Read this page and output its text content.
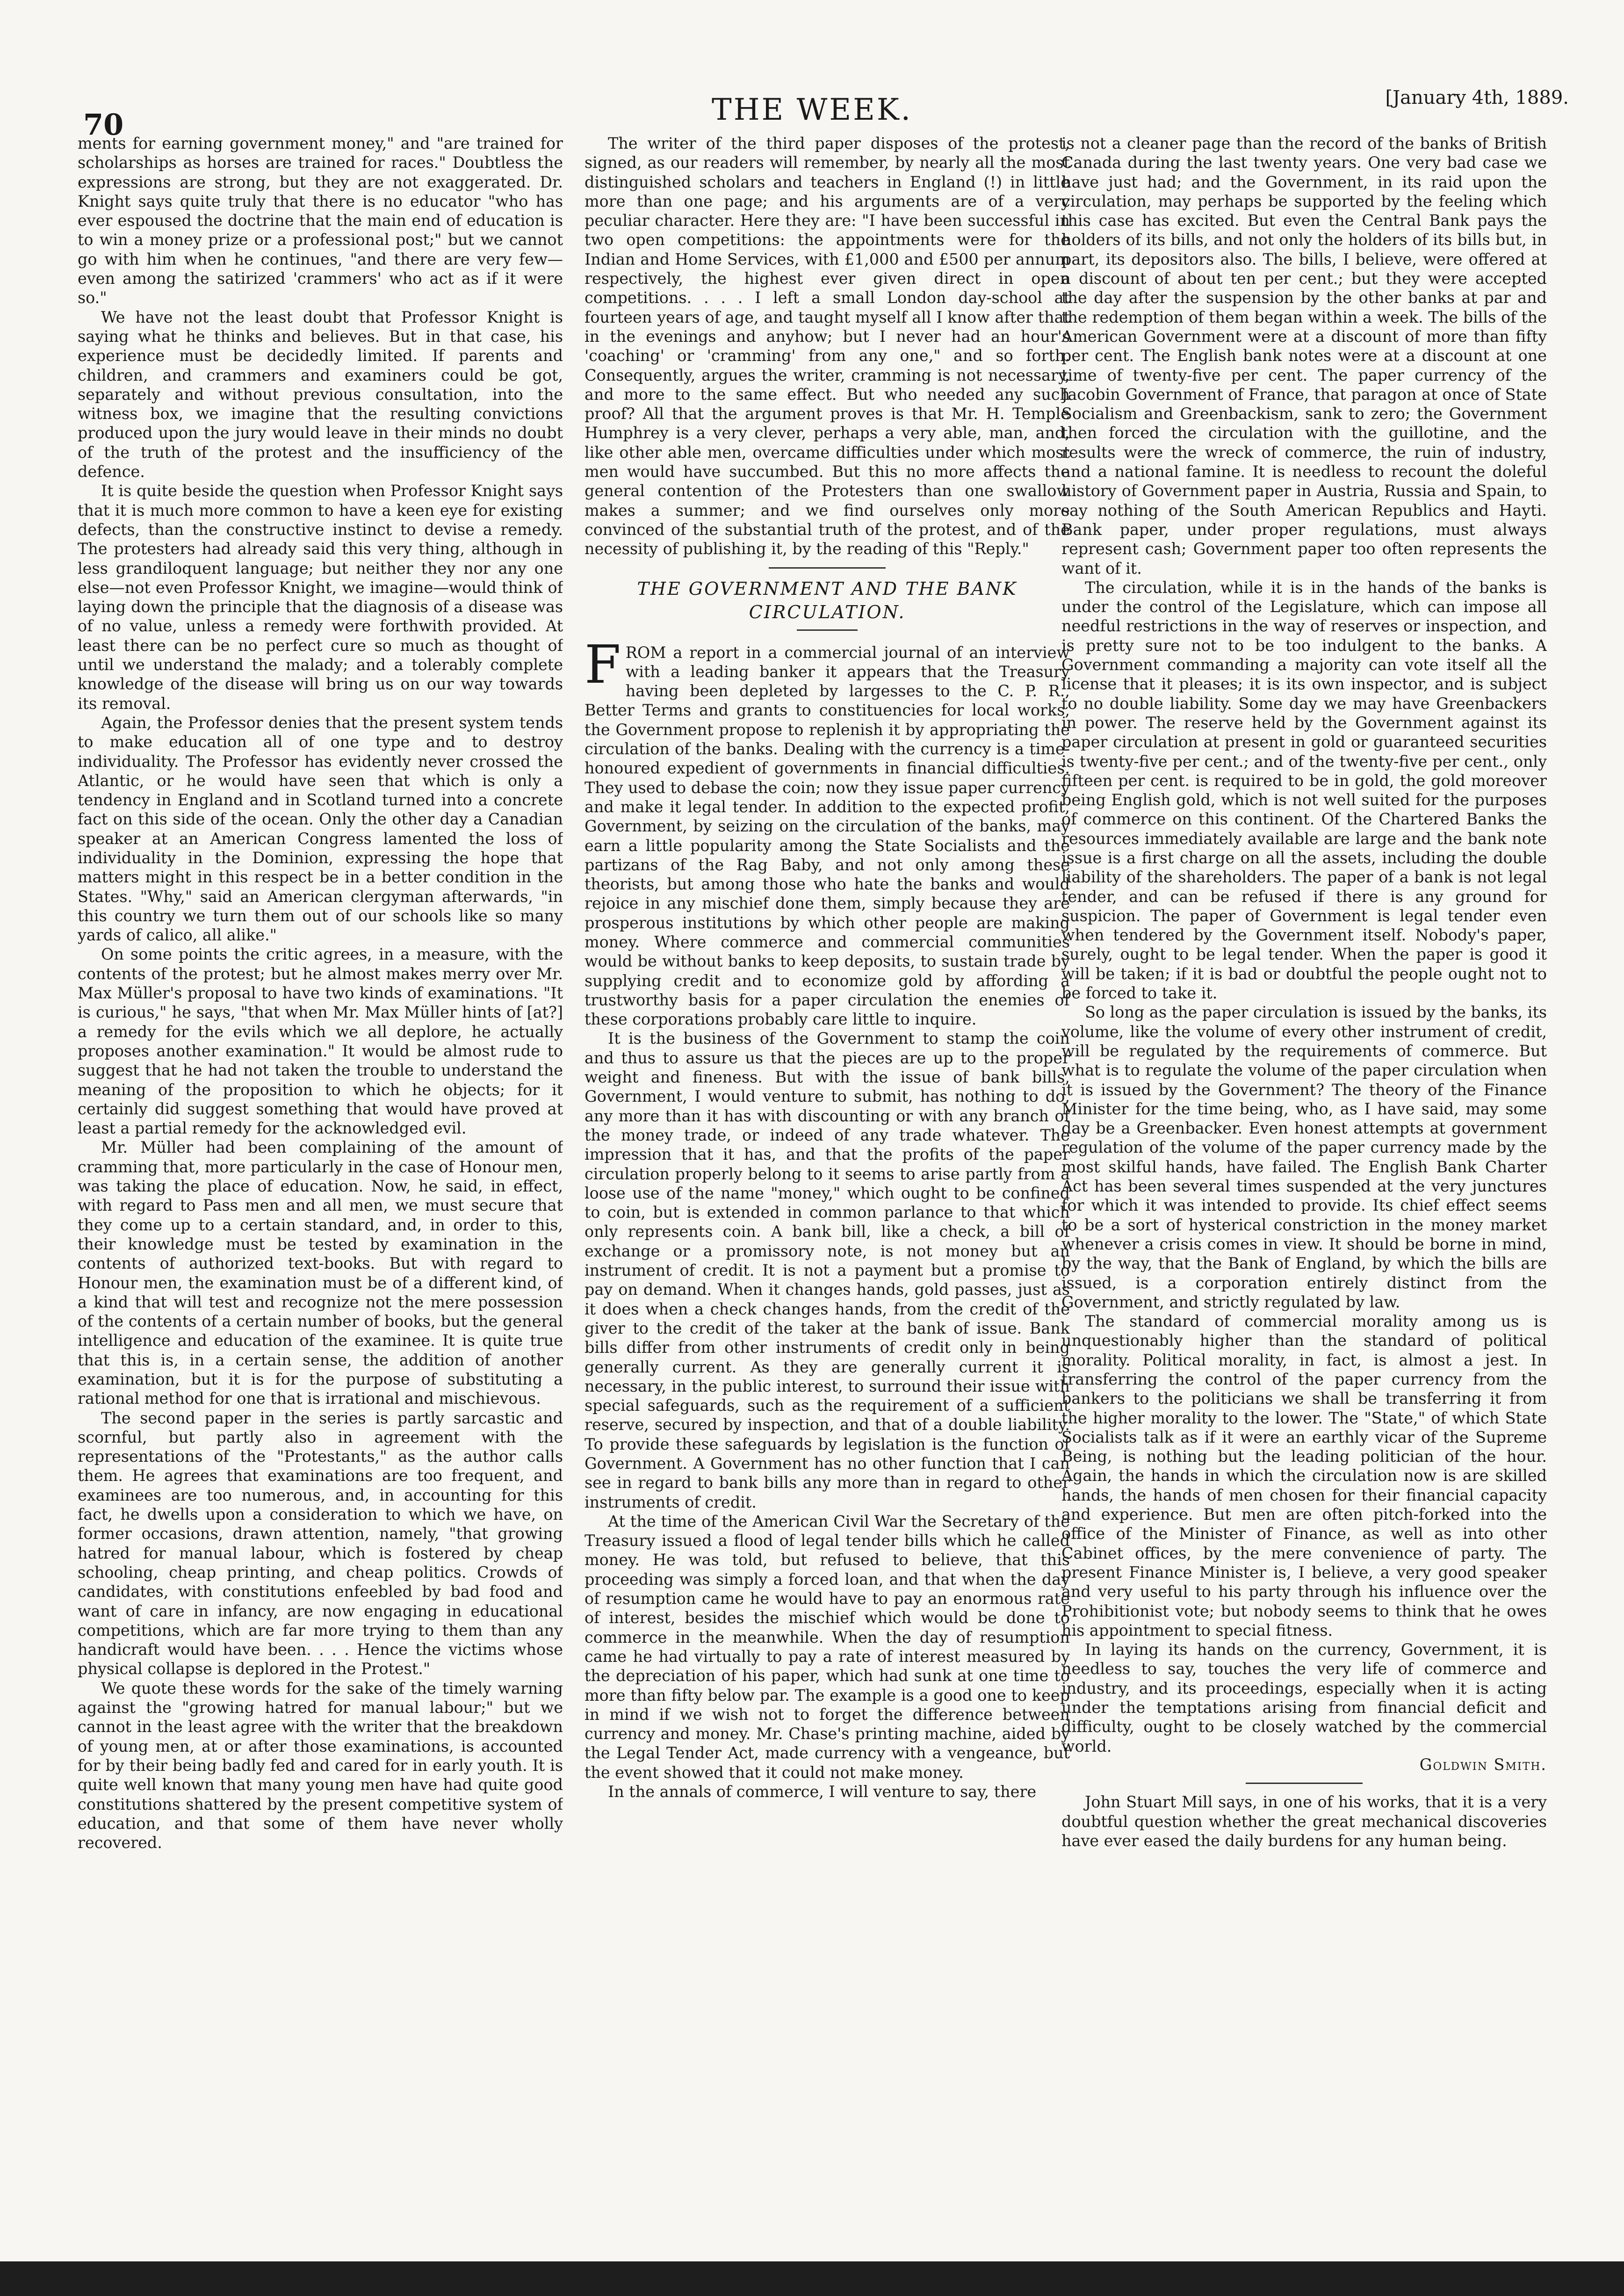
70	THE WEEK.	[January 4th, 1889.

ments for earning government money," and "are trained for scholarships as horses are trained for races." Doubtless the expressions are strong, but they are not exaggerated. Dr. Knight says quite truly that there is no educator "who has ever espoused the doctrine that the main end of education is to win a money prize or a professional post;" but we cannot go with him when he continues, "and there are very few—even among the satirized 'crammers' who act as if it were so."

We have not the least doubt that Professor Knight is saying what he thinks and believes. But in that case, his experience must be decidedly limited. If parents and children, and crammers and examiners could be got, separately and without previous consultation, into the witness box, we imagine that the resulting convictions produced upon the jury would leave in their minds no doubt of the truth of the protest and the insufficiency of the defence.

It is quite beside the question when Professor Knight says that it is much more common to have a keen eye for existing defects, than the constructive instinct to devise a remedy. The protesters had already said this very thing, although in less grandiloquent language; but neither they nor any one else—not even Professor Knight, we imagine—would think of laying down the principle that the diagnosis of a disease was of no value, unless a remedy were forthwith provided. At least there can be no perfect cure so much as thought of until we understand the malady; and a tolerably complete knowledge of the disease will bring us on our way towards its removal.

Again, the Professor denies that the present system tends to make education all of one type and to destroy individuality. The Professor has evidently never crossed the Atlantic, or he would have seen that which is only a tendency in England and in Scotland turned into a concrete fact on this side of the ocean. Only the other day a Canadian speaker at an American Congress lamented the loss of individuality in the Dominion, expressing the hope that matters might in this respect be in a better condition in the States. "Why," said an American clergyman afterwards, "in this country we turn them out of our schools like so many yards of calico, all alike."

On some points the critic agrees, in a measure, with the contents of the protest; but he almost makes merry over Mr. Max Müller's proposal to have two kinds of examinations. "It is curious," he says, "that when Mr. Max Müller hints of [at?] a remedy for the evils which we all deplore, he actually proposes another examination." It would be almost rude to suggest that he had not taken the trouble to understand the meaning of the proposition to which he objects; for it certainly did suggest something that would have proved at least a partial remedy for the acknowledged evil.

Mr. Müller had been complaining of the amount of cramming that, more particularly in the case of Honour men, was taking the place of education. Now, he said, in effect, with regard to Pass men and all men, we must secure that they come up to a certain standard, and, in order to this, their knowledge must be tested by examination in the contents of authorized text-books. But with regard to Honour men, the examination must be of a different kind, of a kind that will test and recognize not the mere possession of the contents of a certain number of books, but the general intelligence and education of the examinee. It is quite true that this is, in a certain sense, the addition of another examination, but it is for the purpose of substituting a rational method for one that is irrational and mischievous.

The second paper in the series is partly sarcastic and scornful, but partly also in agreement with the representations of the "Protestants," as the author calls them. He agrees that examinations are too frequent, and examinees are too numerous, and, in accounting for this fact, he dwells upon a consideration to which we have, on former occasions, drawn attention, namely, "that growing hatred for manual labour, which is fostered by cheap schooling, cheap printing, and cheap politics. Crowds of candidates, with constitutions enfeebled by bad food and want of care in infancy, are now engaging in educational competitions, which are far more trying to them than any handicraft would have been. . . . Hence the victims whose physical collapse is deplored in the Protest."

We quote these words for the sake of the timely warning against the "growing hatred for manual labour;" but we cannot in the least agree with the writer that the breakdown of young men, at or after those examinations, is accounted for by their being badly fed and cared for in early youth. It is quite well known that many young men have had quite good constitutions shattered by the present competitive system of education, and that some of them have never wholly recovered.

The writer of the third paper disposes of the protest, signed, as our readers will remember, by nearly all the most distinguished scholars and teachers in England (!) in little more than one page; and his arguments are of a very peculiar character. Here they are: "I have been successful in two open competitions: the appointments were for the Indian and Home Services, with £1,000 and £500 per annum respectively, the highest ever given direct in open competitions. . . . I left a small London day-school at fourteen years of age, and taught myself all I know after that in the evenings and anyhow; but I never had an hour's 'coaching' or 'cramming' from any one," and so forth. Consequently, argues the writer, cramming is not necessary, and more to the same effect. But who needed any such proof? All that the argument proves is that Mr. H. Temple Humphrey is a very clever, perhaps a very able, man, and, like other able men, overcame difficulties under which most men would have succumbed. But this no more affects the general contention of the Protesters than one swallow makes a summer; and we find ourselves only more convinced of the substantial truth of the protest, and of the necessity of publishing it, by the reading of this "Reply."

THE GOVERNMENT AND THE BANK CIRCULATION.

FROM a report in a commercial journal of an interview with a leading banker it appears that the Treasury having been depleted by largesses to the C. P. R., Better Terms and grants to constituencies for local works, the Government propose to replenish it by appropriating the circulation of the banks. Dealing with the currency is a time-honoured expedient of governments in financial difficulties. They used to debase the coin; now they issue paper currency and make it legal tender. In addition to the expected profit, Government, by seizing on the circulation of the banks, may earn a little popularity among the State Socialists and the partizans of the Rag Baby, and not only among these theorists, but among those who hate the banks and would rejoice in any mischief done them, simply because they are prosperous institutions by which other people are making money. Where commerce and commercial communities would be without banks to keep deposits, to sustain trade by supplying credit and to economize gold by affording a trustworthy basis for a paper circulation the enemies of these corporations probably care little to inquire.

It is the business of the Government to stamp the coin and thus to assure us that the pieces are up to the proper weight and fineness. But with the issue of bank bills, Government, I would venture to submit, has nothing to do, any more than it has with discounting or with any branch of the money trade, or indeed of any trade whatever. The impression that it has, and that the profits of the paper circulation properly belong to it seems to arise partly from a loose use of the name "money," which ought to be confined to coin, but is extended in common parlance to that which only represents coin. A bank bill, like a check, a bill of exchange or a promissory note, is not money but an instrument of credit. It is not a payment but a promise to pay on demand. When it changes hands, gold passes, just as it does when a check changes hands, from the credit of the giver to the credit of the taker at the bank of issue. Bank bills differ from other instruments of credit only in being generally current. As they are generally current it is necessary, in the public interest, to surround their issue with special safeguards, such as the requirement of a sufficient reserve, secured by inspection, and that of a double liability. To provide these safeguards by legislation is the function of Government. A Government has no other function that I can see in regard to bank bills any more than in regard to other instruments of credit.

At the time of the American Civil War the Secretary of the Treasury issued a flood of legal tender bills which he called money. He was told, but refused to believe, that this proceeding was simply a forced loan, and that when the day of resumption came he would have to pay an enormous rate of interest, besides the mischief which would be done to commerce in the meanwhile. When the day of resumption came he had virtually to pay a rate of interest measured by the depreciation of his paper, which had sunk at one time to more than fifty below par. The example is a good one to keep in mind if we wish not to forget the difference between currency and money. Mr. Chase's printing machine, aided by the Legal Tender Act, made currency with a vengeance, but the event showed that it could not make money.

In the annals of commerce, I will venture to say, there

is not a cleaner page than the record of the banks of British Canada during the last twenty years. One very bad case we have just had; and the Government, in its raid upon the circulation, may perhaps be supported by the feeling which this case has excited. But even the Central Bank pays the holders of its bills, and not only the holders of its bills but, in part, its depositors also. The bills, I believe, were offered at a discount of about ten per cent.; but they were accepted the day after the suspension by the other banks at par and the redemption of them began within a week. The bills of the American Government were at a discount of more than fifty per cent. The English bank notes were at a discount at one time of twenty-five per cent. The paper currency of the Jacobin Government of France, that paragon at once of State Socialism and Greenbackism, sank to zero; the Government then forced the circulation with the guillotine, and the results were the wreck of commerce, the ruin of industry, and a national famine. It is needless to recount the doleful history of Government paper in Austria, Russia and Spain, to say nothing of the South American Republics and Hayti. Bank paper, under proper regulations, must always represent cash; Government paper too often represents the want of it.

The circulation, while it is in the hands of the banks is under the control of the Legislature, which can impose all needful restrictions in the way of reserves or inspection, and is pretty sure not to be too indulgent to the banks. A Government commanding a majority can vote itself all the license that it pleases; it is its own inspector, and is subject to no double liability. Some day we may have Greenbackers in power. The reserve held by the Government against its paper circulation at present in gold or guaranteed securities is twenty-five per cent.; and of the twenty-five per cent., only fifteen per cent. is required to be in gold, the gold moreover being English gold, which is not well suited for the purposes of commerce on this continent. Of the Chartered Banks the resources immediately available are large and the bank note issue is a first charge on all the assets, including the double liability of the shareholders. The paper of a bank is not legal tender, and can be refused if there is any ground for suspicion. The paper of Government is legal tender even when tendered by the Government itself. Nobody's paper, surely, ought to be legal tender. When the paper is good it will be taken; if it is bad or doubtful the people ought not to be forced to take it.

So long as the paper circulation is issued by the banks, its volume, like the volume of every other instrument of credit, will be regulated by the requirements of commerce. But what is to regulate the volume of the paper circulation when it is issued by the Government? The theory of the Finance Minister for the time being, who, as I have said, may some day be a Greenbacker. Even honest attempts at government regulation of the volume of the paper currency made by the most skilful hands, have failed. The English Bank Charter Act has been several times suspended at the very junctures for which it was intended to provide. Its chief effect seems to be a sort of hysterical constriction in the money market whenever a crisis comes in view. It should be borne in mind, by the way, that the Bank of England, by which the bills are issued, is a corporation entirely distinct from the Government, and strictly regulated by law.

The standard of commercial morality among us is unquestionably higher than the standard of political morality. Political morality, in fact, is almost a jest. In transferring the control of the paper currency from the bankers to the politicians we shall be transferring it from the higher morality to the lower. The "State," of which State Socialists talk as if it were an earthly vicar of the Supreme Being, is nothing but the leading politician of the hour. Again, the hands in which the circulation now is are skilled hands, the hands of men chosen for their financial capacity and experience. But men are often pitch-forked into the office of the Minister of Finance, as well as into other Cabinet offices, by the mere convenience of party. The present Finance Minister is, I believe, a very good speaker and very useful to his party through his influence over the Prohibitionist vote; but nobody seems to think that he owes his appointment to special fitness.

In laying its hands on the currency, Government, it is needless to say, touches the very life of commerce and industry, and its proceedings, especially when it is acting under the temptations arising from financial deficit and difficulty, ought to be closely watched by the commercial world.

Goldwin Smith.

John Stuart Mill says, in one of his works, that it is a very doubtful question whether the great mechanical discoveries have ever eased the daily burdens for any human being.
